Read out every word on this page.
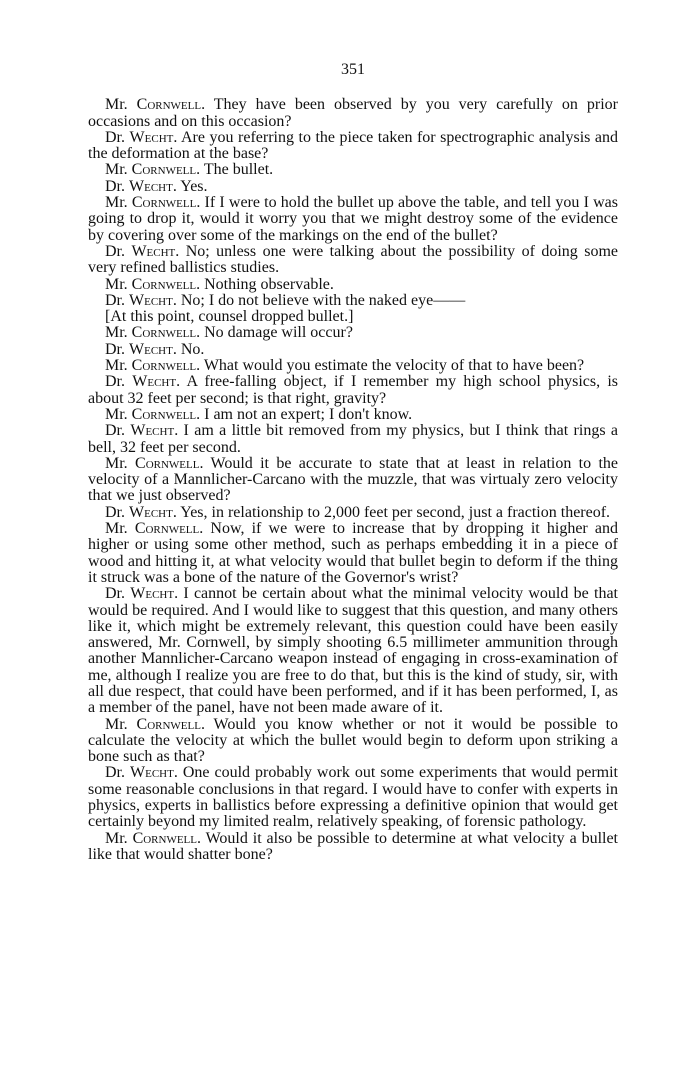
351

Mr. Cornwell. They have been observed by you very carefully on prior occasions and on this occasion?

Dr. Wecht. Are you referring to the piece taken for spectrographic analysis and the deformation at the base?

Mr. Cornwell. The bullet.

Dr. Wecht. Yes.

Mr. Cornwell. If I were to hold the bullet up above the table, and tell you I was going to drop it, would it worry you that we might destroy some of the evidence by covering over some of the markings on the end of the bullet?

Dr. Wecht. No; unless one were talking about the possibility of doing some very refined ballistics studies.

Mr. Cornwell. Nothing observable.

Dr. Wecht. No; I do not believe with the naked eye——

[At this point, counsel dropped bullet.]

Mr. Cornwell. No damage will occur?

Dr. Wecht. No.

Mr. Cornwell. What would you estimate the velocity of that to have been?

Dr. Wecht. A free-falling object, if I remember my high school physics, is about 32 feet per second; is that right, gravity?

Mr. Cornwell. I am not an expert; I don't know.

Dr. Wecht. I am a little bit removed from my physics, but I think that rings a bell, 32 feet per second.

Mr. Cornwell. Would it be accurate to state that at least in relation to the velocity of a Mannlicher-Carcano with the muzzle, that was virtualy zero velocity that we just observed?

Dr. Wecht. Yes, in relationship to 2,000 feet per second, just a fraction thereof.

Mr. Cornwell. Now, if we were to increase that by dropping it higher and higher or using some other method, such as perhaps embedding it in a piece of wood and hitting it, at what velocity would that bullet begin to deform if the thing it struck was a bone of the nature of the Governor's wrist?

Dr. Wecht. I cannot be certain about what the minimal velocity would be that would be required. And I would like to suggest that this question, and many others like it, which might be extremely relevant, this question could have been easily answered, Mr. Cornwell, by simply shooting 6.5 millimeter ammunition through another Mannlicher-Carcano weapon instead of engaging in cross-examination of me, although I realize you are free to do that, but this is the kind of study, sir, with all due respect, that could have been performed, and if it has been performed, I, as a member of the panel, have not been made aware of it.

Mr. Cornwell. Would you know whether or not it would be possible to calculate the velocity at which the bullet would begin to deform upon striking a bone such as that?

Dr. Wecht. One could probably work out some experiments that would permit some reasonable conclusions in that regard. I would have to confer with experts in physics, experts in ballistics before expressing a definitive opinion that would get certainly beyond my limited realm, relatively speaking, of forensic pathology.

Mr. Cornwell. Would it also be possible to determine at what velocity a bullet like that would shatter bone?
